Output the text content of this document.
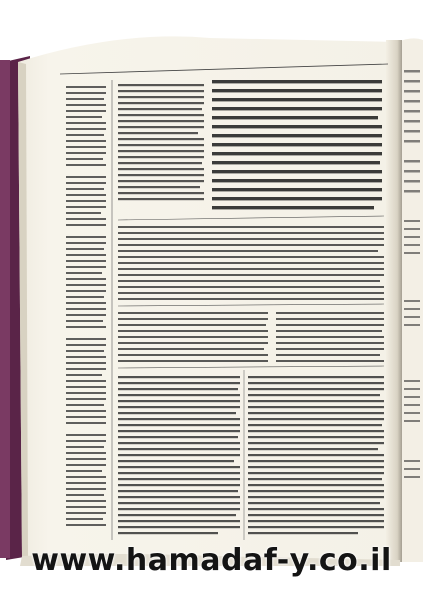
www.hamadaf-y.co.il
